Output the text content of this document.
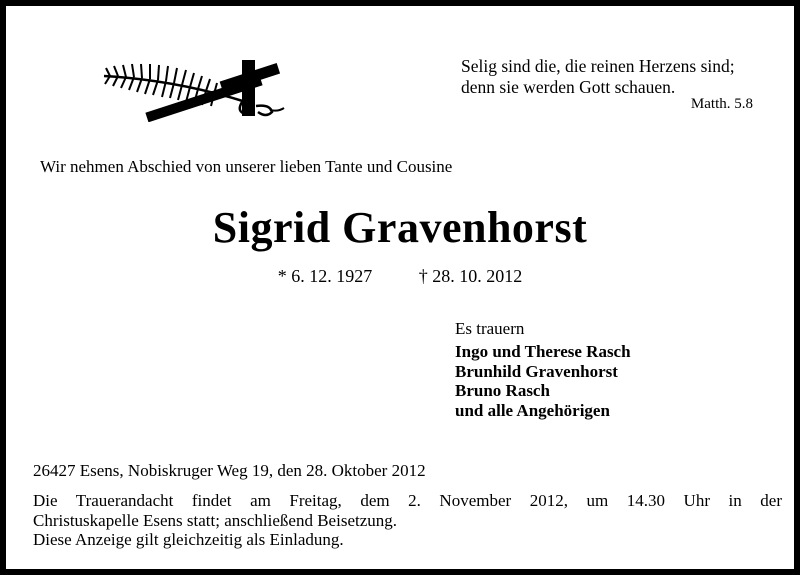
Selig sind die, die reinen Herzens sind;
denn sie werden Gott schauen.
Matth. 5.8
Wir nehmen Abschied von unserer lieben Tante und Cousine
Sigrid Gravenhorst
* 6. 12. 1927	† 28. 10. 2012
Es trauern
Ingo und Therese Rasch
Brunhild Gravenhorst
Bruno Rasch
und alle Angehörigen
26427 Esens, Nobiskruger Weg 19, den 28. Oktober 2012
Die Trauerandacht findet am Freitag, dem 2. November 2012, um 14.30 Uhr in der
Christuskapelle Esens statt; anschließend Beisetzung.
Diese Anzeige gilt gleichzeitig als Einladung.
